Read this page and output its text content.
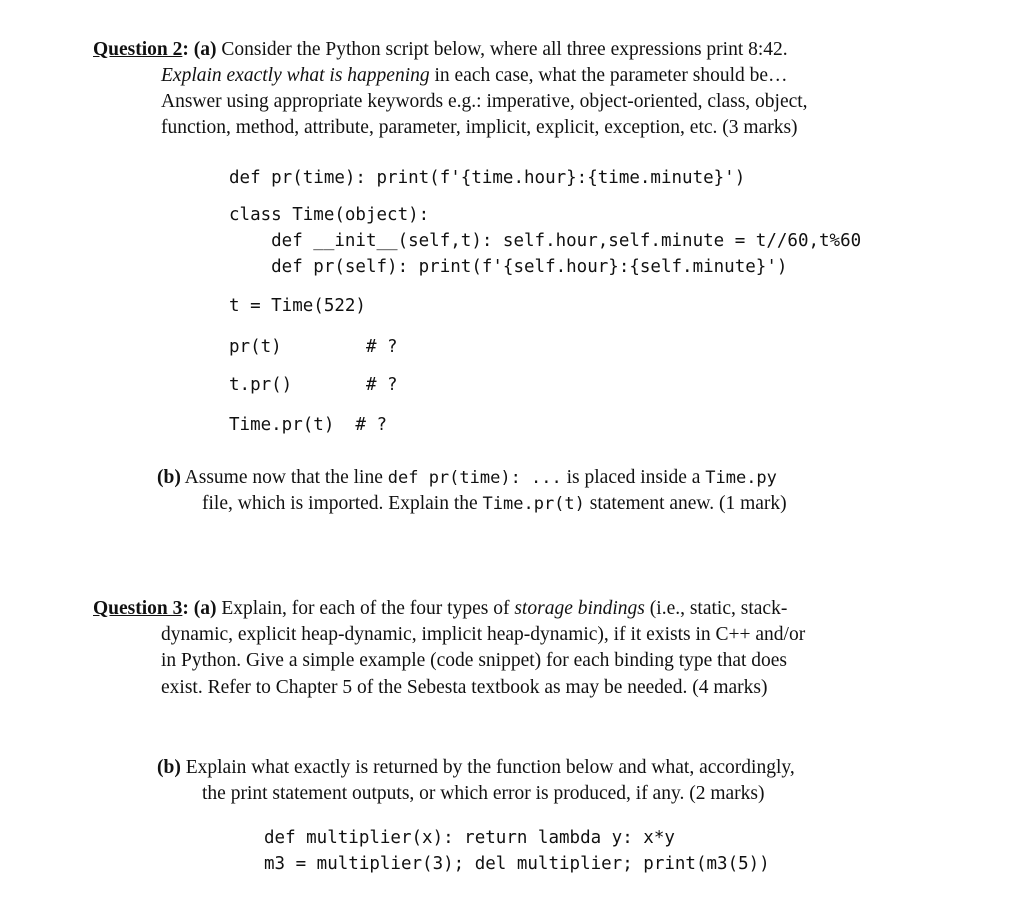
Question 2: (a) Consider the Python script below, where all three expressions print 8:42.
Explain exactly what is happening in each case, what the parameter should be…
Answer using appropriate keywords e.g.: imperative, object-oriented, class, object,
function, method, attribute, parameter, implicit, explicit, exception, etc. (3 marks)
def pr(time): print(f'{time.hour}:{time.minute}')
class Time(object):
def __init__(self,t): self.hour,self.minute = t//60,t%60
def pr(self): print(f'{self.hour}:{self.minute}')
t = Time(522)
pr(t)        # ?
t.pr()       # ?
Time.pr(t)  # ?
(b) Assume now that the line def pr(time): ... is placed inside a Time.py
file, which is imported. Explain the Time.pr(t) statement anew. (1 mark)
Question 3: (a) Explain, for each of the four types of storage bindings (i.e., static, stack-
dynamic, explicit heap-dynamic, implicit heap-dynamic), if it exists in C++ and/or
in Python. Give a simple example (code snippet) for each binding type that does
exist. Refer to Chapter 5 of the Sebesta textbook as may be needed. (4 marks)
(b) Explain what exactly is returned by the function below and what, accordingly,
the print statement outputs, or which error is produced, if any. (2 marks)
def multiplier(x): return lambda y: x*y
m3 = multiplier(3); del multiplier; print(m3(5))
